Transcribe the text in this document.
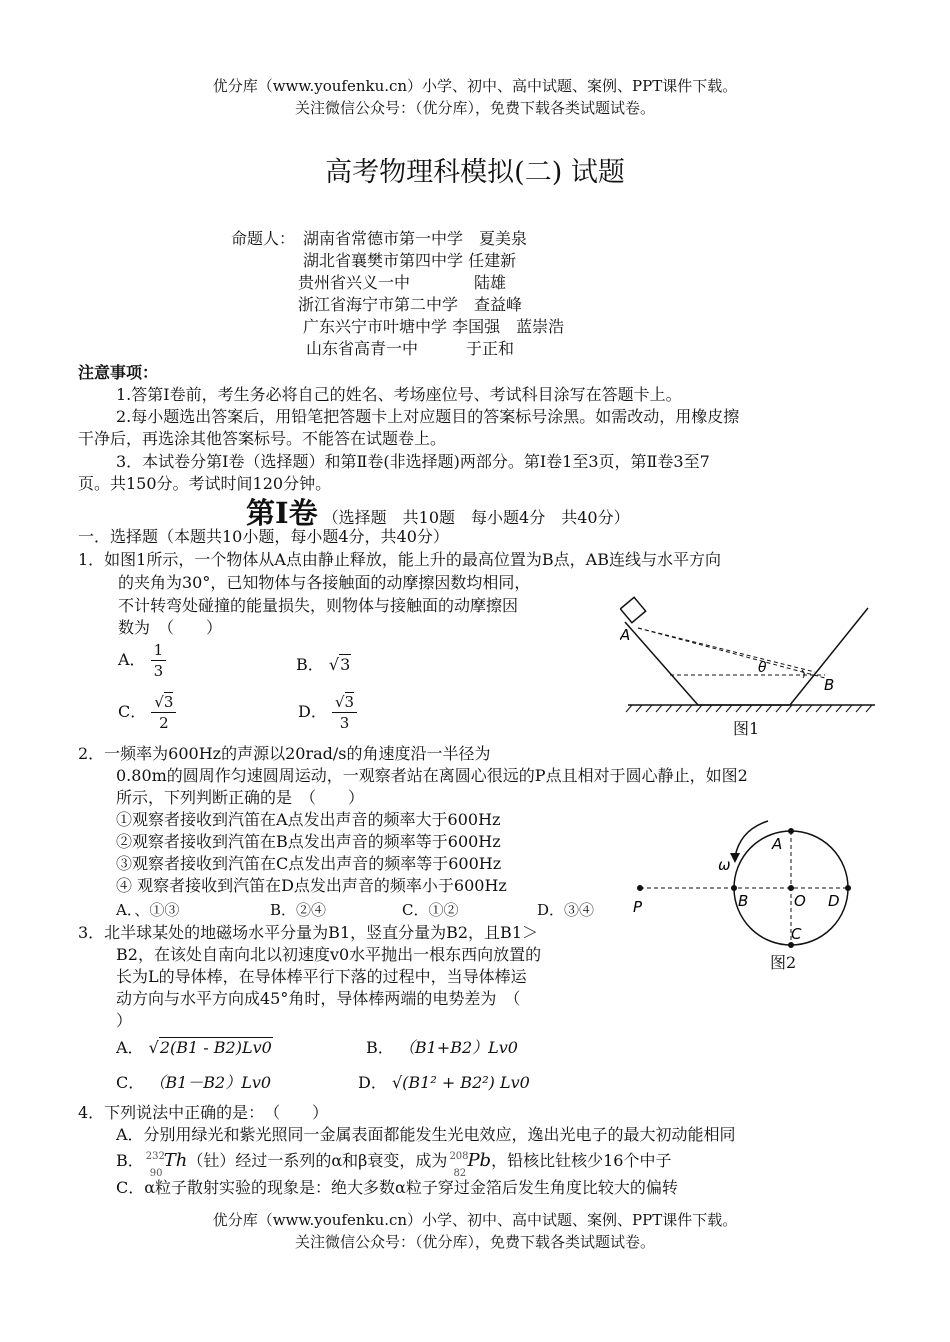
优分库（www.youfenku.cn）小学、初中、高中试题、案例、PPT课件下载。
关注微信公众号：（优分库），免费下载各类试题试卷。
高考物理科模拟(二) 试题
命题人： 湖南省常德市第一中学　夏美泉
湖北省襄樊市第四中学 任建新
贵州省兴义一中　　　　陆雄
浙江省海宁市第二中学　查益峰
广东兴宁市叶塘中学 李国强　蓝崇浩
山东省高青一中　　　于正和
注意事项：
1.答第Ⅰ卷前，考生务必将自己的姓名、考场座位号、考试科目涂写在答题卡上。
2.每小题选出答案后，用铅笔把答题卡上对应题目的答案标号涂黑。如需改动，用橡皮擦
干净后，再选涂其他答案标号。不能答在试题卷上。
3．本试卷分第Ⅰ卷（选择题）和第Ⅱ卷(非选择题)两部分。第Ⅰ卷1至3页，第Ⅱ卷3至7
页。共150分。考试时间120分钟。
第Ⅰ卷 （选择题　共10题　每小题4分　共40分）
一．选择题（本题共10小题，每小题4分，共40分）
1．如图1所示，一个物体从A点由静止释放，能上升的最高位置为B点，AB连线与水平方向
的夹角为30°，已知物体与各接触面的动摩擦因数均相同，
不计转弯处碰撞的能量损失，则物体与接触面的动摩擦因
数为　（　　）
A． $\frac{1}{3}$	B． √3
C． $\frac{√3}{2}$	D． $\frac{√3}{3}$
A
B
θ
图1
2．一频率为600Hz的声源以20rad/s的角速度沿一半径为
0.80m的圆周作匀速圆周运动，一观察者站在离圆心很远的P点且相对于圆心静止，如图2
所示，下列判断正确的是　（　　）
①观察者接收到汽笛在A点发出声音的频率大于600Hz
②观察者接收到汽笛在B点发出声音的频率等于600Hz
③观察者接收到汽笛在C点发出声音的频率等于600Hz
④ 观察者接收到汽笛在D点发出声音的频率小于600Hz
A．、①③	B．②④	C．①②	D．③④	P
A
B	O D
C
ω
图2
3．北半球某处的地磁场水平分量为B1，竖直分量为B2，且B1＞
B2，在该处自南向北以初速度v0水平抛出一根东西向放置的
长为L的导体棒，在导体棒平行下落的过程中，当导体棒运
动方向与水平方向成45°角时，导体棒两端的电势差为　（
）
A． √2(B1 - B2)Lv0	B． （B1+B2）Lv0
C． （B1－B2）Lv0	D． √(B1² + B2²) Lv0
4．下列说法中正确的是：　（　　）
A．分别用绿光和紫光照同一金属表面都能发生光电效应，逸出光电子的最大初动能相同
B． 232
90
Th（钍）经过一系列的α和β衰变，成为 208
82
Pb，铅核比钍核少16个中子
C．α粒子散射实验的现象是：绝大多数α粒子穿过金箔后发生角度比较大的偏转
优分库（www.youfenku.cn）小学、初中、高中试题、案例、PPT课件下载。
关注微信公众号：（优分库），免费下载各类试题试卷。
